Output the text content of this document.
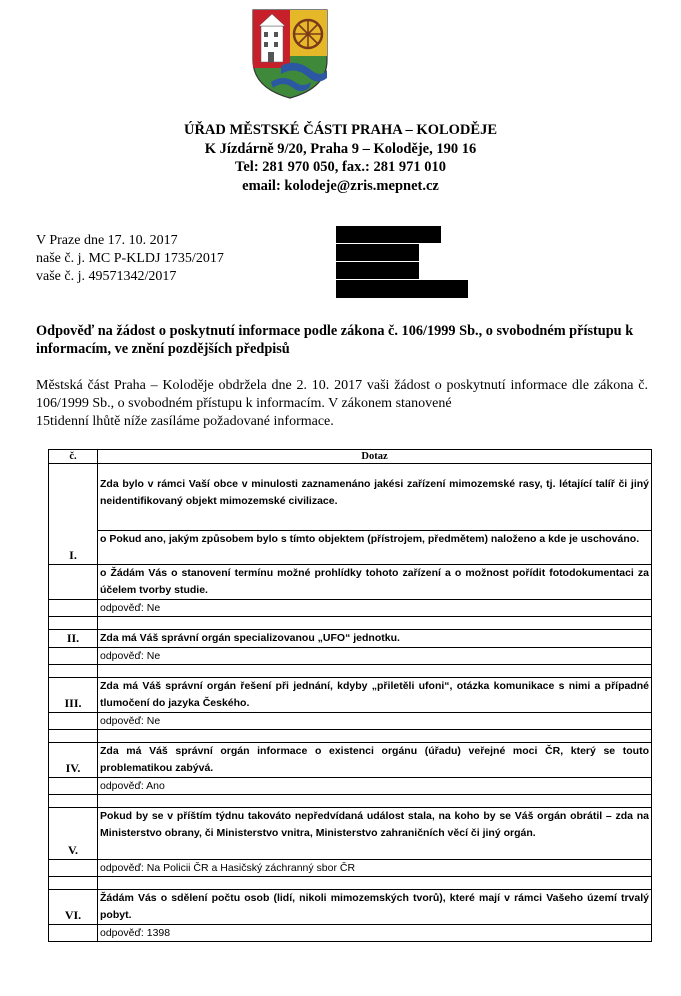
ÚŘAD MĚSTSKÉ ČÁSTI PRAHA – KOLODĚJE
K Jízdárně 9/20, Praha 9 – Koloděje, 190 16
Tel: 281 970 050, fax.: 281 971 010
email: kolodeje@zris.mepnet.cz
V Praze dne 17. 10. 2017
naše č. j. MC P-KLDJ 1735/2017
vaše č. j. 49571342/2017
Odpověď na žádost o poskytnutí informace podle zákona č. 106/1999 Sb., o svobodném přístupu k informacím, ve znění pozdějších předpisů
Městská část Praha – Koloděje obdržela dne 2. 10. 2017 vaši žádost o poskytnutí informace dle zákona č. 106/1999 Sb., o svobodném přístupu k informacím. V zákonem stanovené
15tidenní lhůtě níže zasíláme požadované informace.
č.	Dotaz
I.	Zda bylo v rámci Vaší obce v minulosti zaznamenáno jakési zařízení mimozemské rasy, tj. létající talíř či jiný neidentifikovaný objekt mimozemské civilizace.
	o Pokud ano, jakým způsobem bylo s tímto objektem (přístrojem, předmětem) naloženo a kde je uschováno.
	o Žádám Vás o stanovení termínu možné prohlídky tohoto zařízení a o možnost pořídit fotodokumentaci za účelem tvorby studie.
	odpověď: Ne

II.	Zda má Váš správní orgán specializovanou „UFO“ jednotku.
	odpověď: Ne

III.	Zda má Váš správní orgán řešení při jednání, kdyby „přiletěli ufoni“, otázka komunikace s nimi a případné tlumočení do jazyka Českého.
	odpověď: Ne

IV.	Zda má Váš správní orgán informace o existenci orgánu (úřadu) veřejné moci ČR, který se touto problematikou zabývá.
	odpověď: Ano

V.	Pokud by se v příštím týdnu takováto nepředvídaná událost stala, na koho by se Váš orgán obrátil – zda na Ministerstvo obrany, či Ministerstvo vnitra, Ministerstvo zahraničních věcí či jiný orgán.
	odpověď: Na Policii ČR a Hasičský záchranný sbor ČR

VI.	Žádám Vás o sdělení počtu osob (lidí, nikoli mimozemských tvorů), které mají v rámci Vašeho území trvalý pobyt.
	odpověď: 1398
